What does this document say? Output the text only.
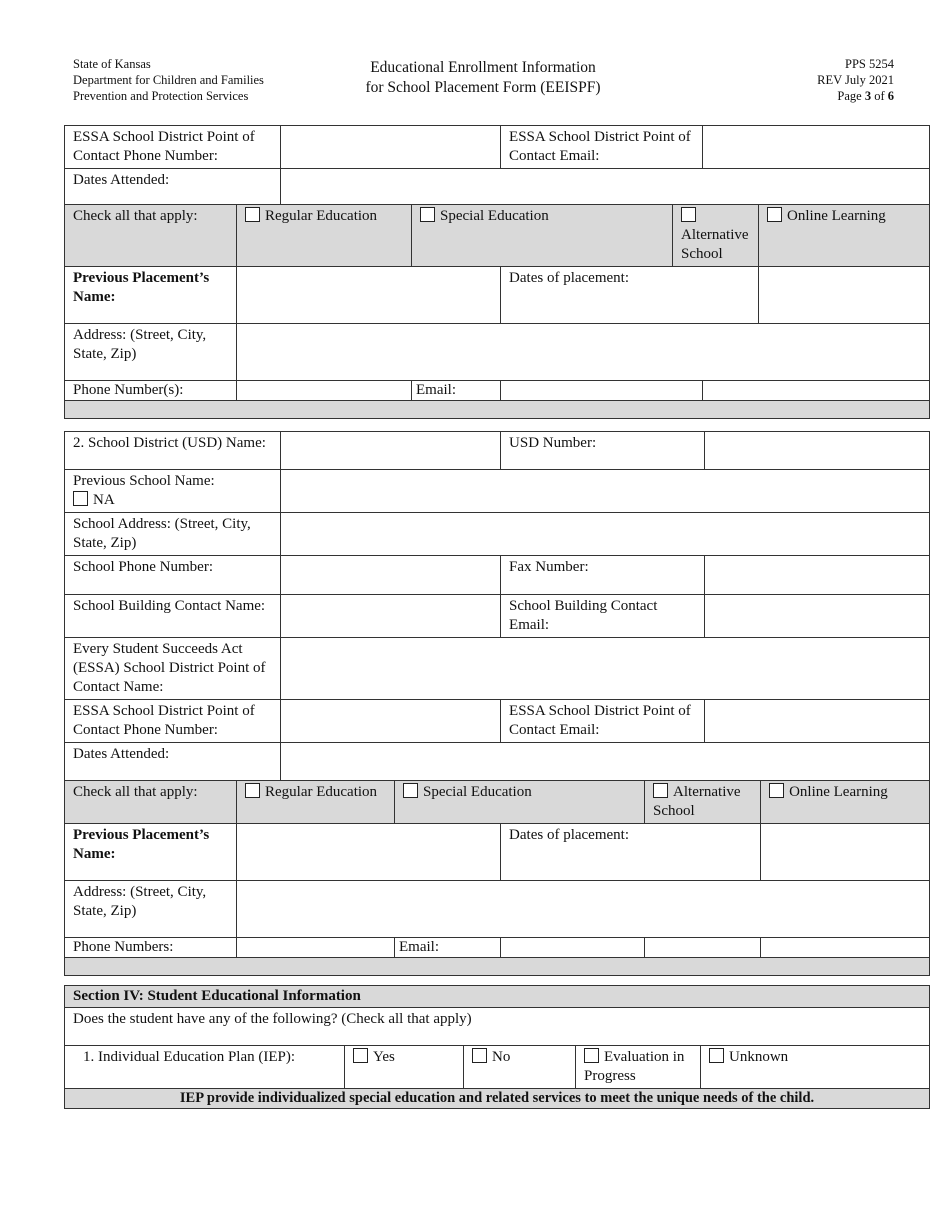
State of Kansas
Department for Children and Families
Prevention and Protection Services
Educational Enrollment Information
for School Placement Form (EEISPF)
PPS 5254
REV July 2021
Page 3 of 6
ESSA School District Point of Contact Phone Number:				ESSA School District Point of Contact Email:			
Dates Attended:							
Check all that apply:	Regular Education		Special Education		Alternative School		Online Learning
Previous Placement’s Name:				Dates of placement:			
Address: (Street, City, State, Zip)							
Phone Number(s):			Email:				

2. School District (USD) Name:				USD Number:			
Previous School Name:
NA							
School Address: (Street, City, State, Zip)							
School Phone Number:				Fax Number:			
School Building Contact Name:				School Building Contact Email:			
Every Student Succeeds Act (ESSA) School District Point of Contact Name:							
ESSA School District Point of Contact Phone Number:				ESSA School District Point of Contact Email:			
Dates Attended:							
Check all that apply:	Regular Education		Special Education		Alternative School		Online Learning
Previous Placement’s Name:				Dates of placement:			
Address: (Street, City, State, Zip)							
Phone Numbers:			Email:				

Section IV: Student Educational Information
Does the student have any of the following? (Check all that apply)
1. Individual Education Plan (IEP):	Yes	No	Evaluation in Progress	Unknown
IEP provide individualized special education and related services to meet the unique needs of the child.
